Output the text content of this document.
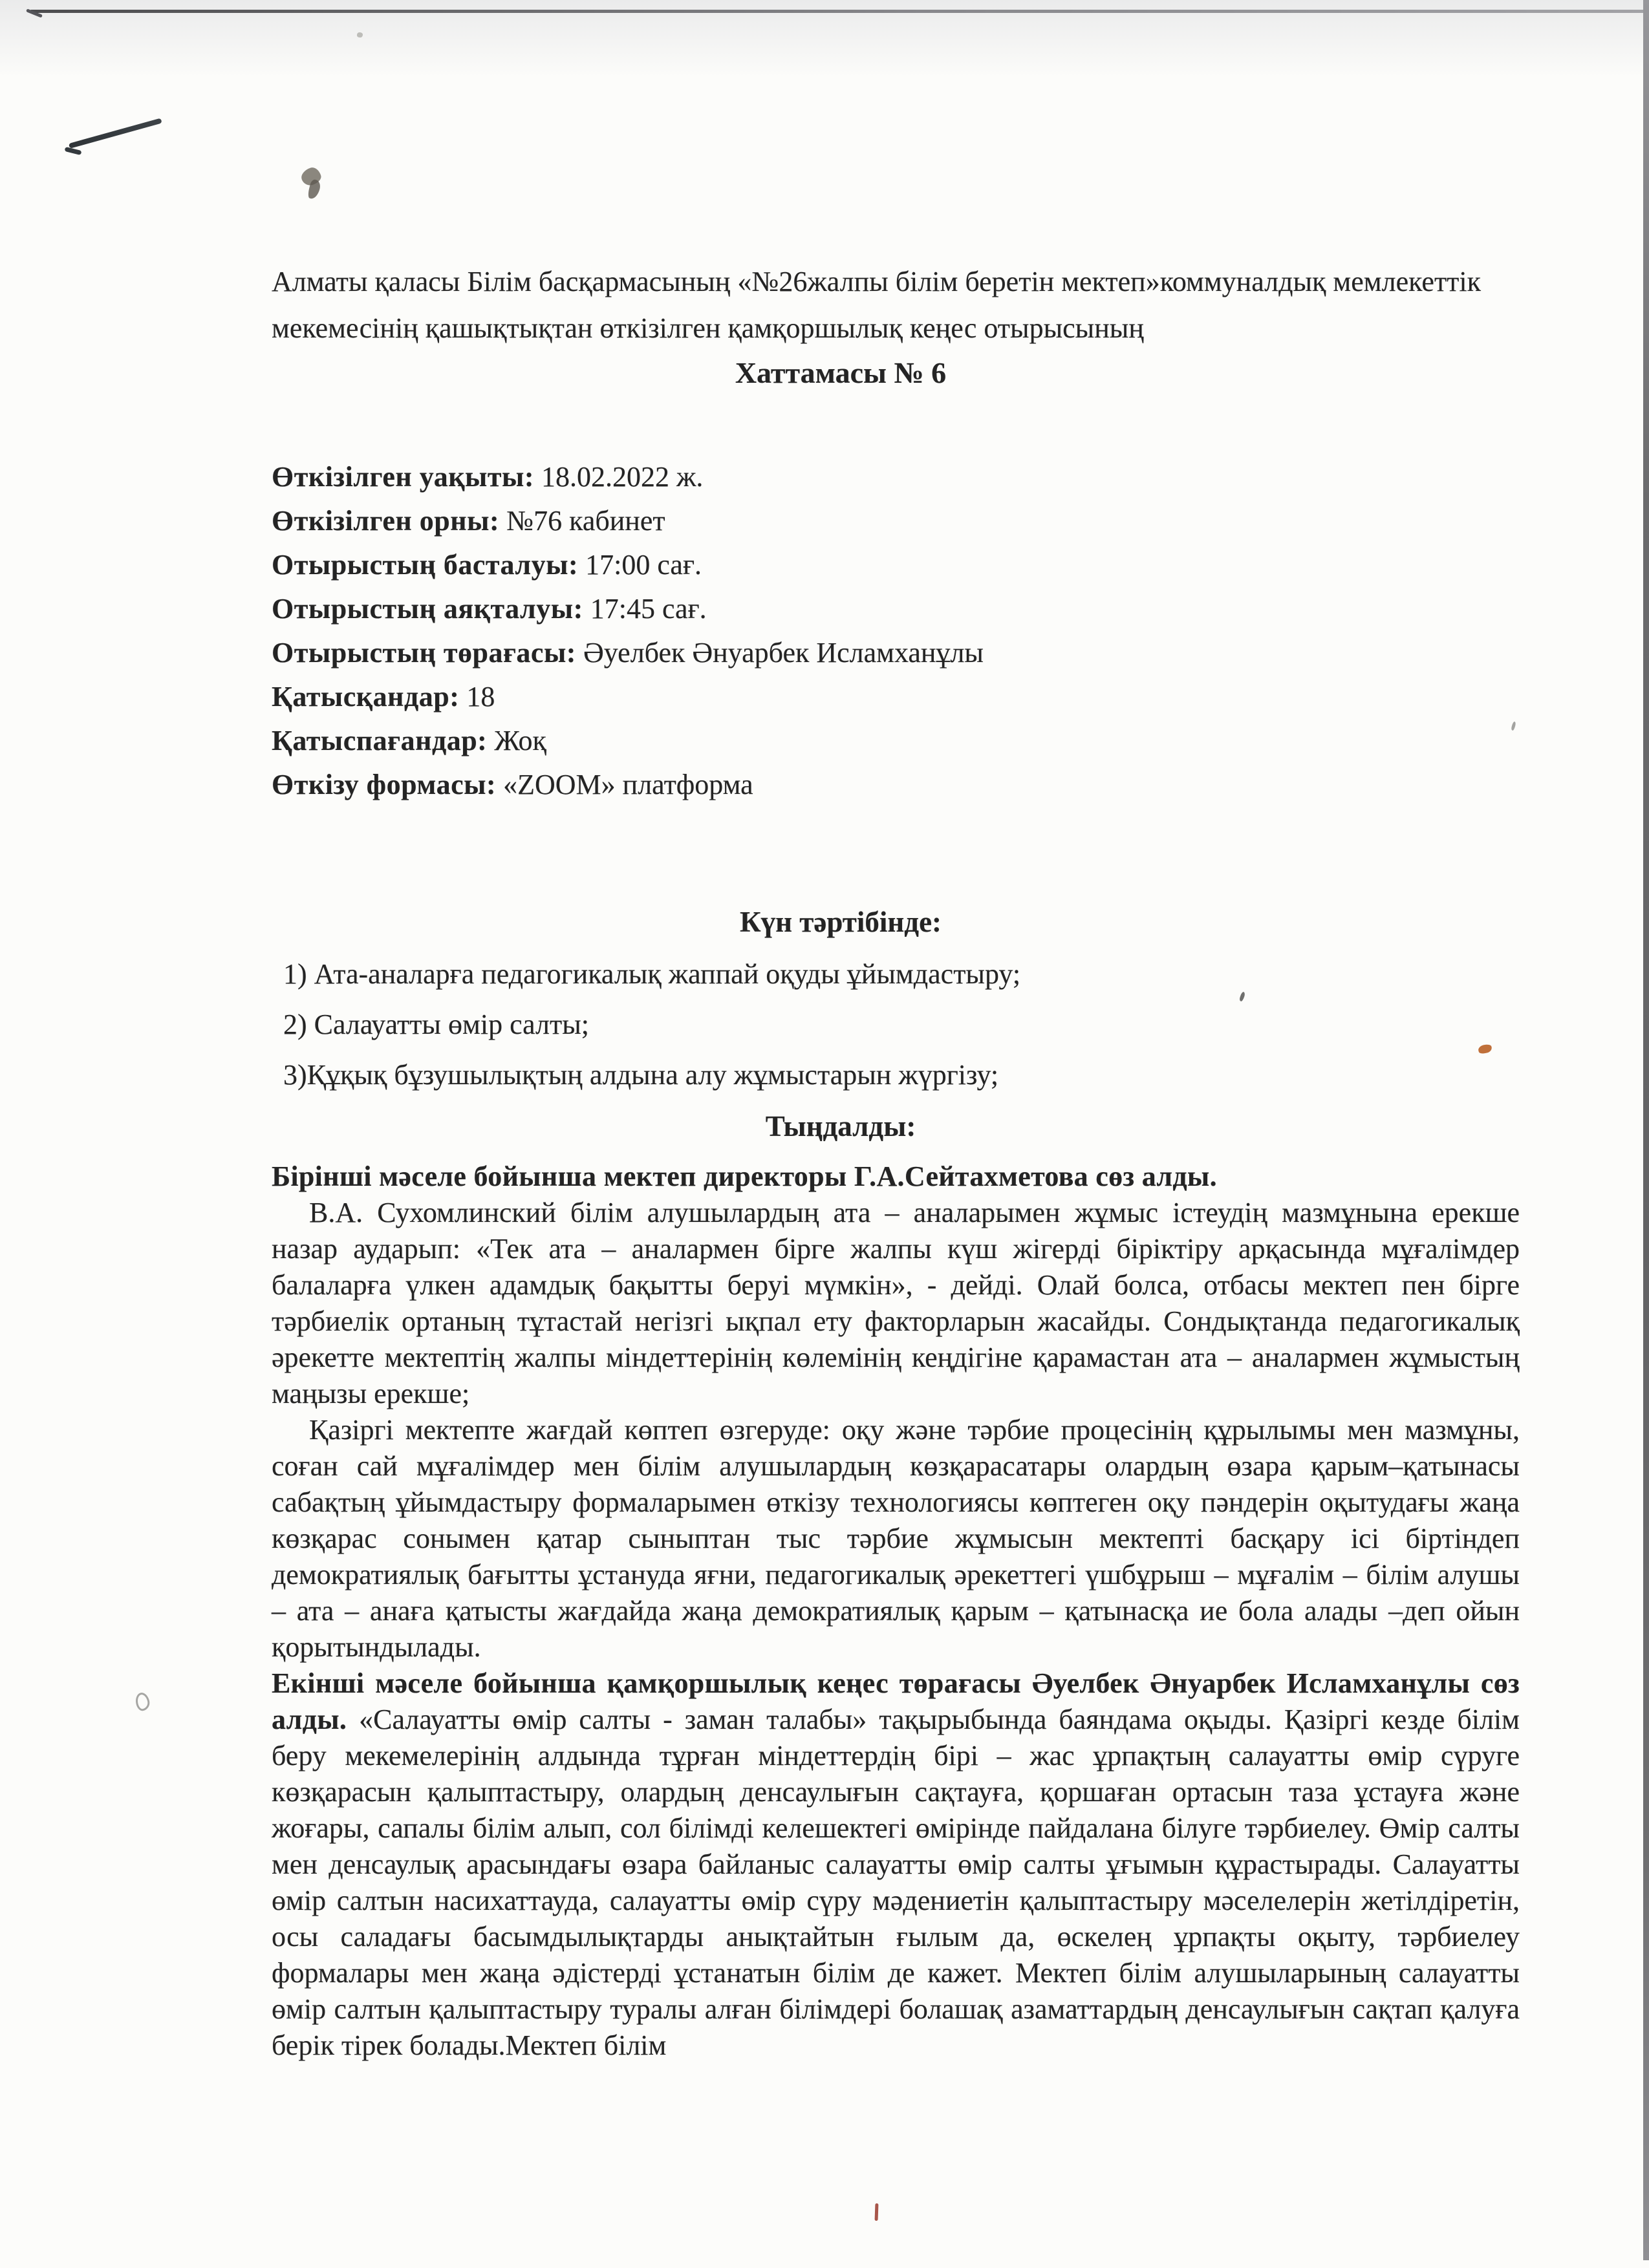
Алматы қаласы Білім басқармасының «№26жалпы білім беретін мектеп»коммуналдық мемлекеттік мекемесінің қашықтықтан өткізілген қамқоршылық кеңес отырысының

Хаттамасы № 6
Өткізілген уақыты: 18.02.2022 ж.
Өткізілген орны: №76 кабинет
Отырыстың басталуы: 17:00 сағ.
Отырыстың аяқталуы: 17:45 сағ.
Отырыстың төрағасы: Әуелбек Әнуарбек Исламханұлы
Қатысқандар: 18
Қатыспағандар: Жоқ
Өткізу формасы: «ZOOM» платформа
Күн тәртібінде:
1) Ата-аналарға педагогикалық жаппай оқуды ұйымдастыру;
2) Салауатты өмір салты;
3)Құқық бұзушылықтың алдына алу жұмыстарын жүргізу;
Тыңдалды:

Бірінші мәселе бойынша мектеп директоры Г.А.Сейтахметова сөз алды.

В.А. Сухомлинский білім алушылардың ата – аналарымен жұмыс істеудің мазмұнына ерекше назар аударып: «Тек ата – аналармен бірге жалпы күш жігерді біріктіру арқасында мұғалімдер балаларға үлкен адамдық бақытты беруі мүмкін», - дейді. Олай болса, отбасы мектеп пен бірге тәрбиелік ортаның тұтастай негізгі ықпал ету факторларын жасайды. Сондықтанда педагогикалық әрекетте мектептің жалпы міндеттерінің көлемінің кеңдігіне қарамастан ата – аналармен жұмыстың маңызы ерекше;

Қазіргі мектепте жағдай көптеп өзгеруде: оқу және тәрбие процесінің құрылымы мен мазмұны, соған сай мұғалімдер мен білім алушылардың көзқарасатары олардың өзара қарым–қатынасы сабақтың ұйымдастыру формаларымен өткізу технологиясы көптеген оқу пәндерін оқытудағы жаңа көзқарас сонымен қатар сыныптан тыс тәрбие жұмысын мектепті басқару ісі біртіндеп демократиялық бағытты ұстануда яғни, педагогикалық әрекеттегі үшбұрыш – мұғалім – білім алушы – ата – анаға қатысты жағдайда жаңа демократиялық қарым – қатынасқа ие бола алады –деп ойын қорытындылады.

Екінші мәселе бойынша қамқоршылық кеңес төрағасы Әуелбек Әнуарбек Исламханұлы сөз алды. «Салауатты өмір салты - заман талабы» тақырыбында баяндама оқыды. Қазіргі кезде білім беру мекемелерінің алдында тұрған міндеттердің бірі – жас ұрпақтың салауатты өмір сүруге көзқарасын қалыптастыру, олардың денсаулығын сақтауға, қоршаған ортасын таза ұстауға және жоғары, сапалы білім алып, сол білімді келешектегі өмірінде пайдалана білуге тәрбиелеу. Өмір салты мен денсаулық арасындағы өзара байланыс салауатты өмір салты ұғымын құрастырады. Салауатты өмір салтын насихаттауда, салауатты өмір сүру мәдениетін қалыптастыру мәселелерін жетілдіретін, осы саладағы басымдылықтарды анықтайтын ғылым да, өскелең ұрпақты оқыту, тәрбиелеу формалары мен жаңа әдістерді ұстанатын білім де кажет. Мектеп білім алушыларының салауатты өмір салтын қалыптастыру туралы алған білімдері болашақ азаматтардың денсаулығын сақтап қалуға берік тірек болады.Мектеп білім
